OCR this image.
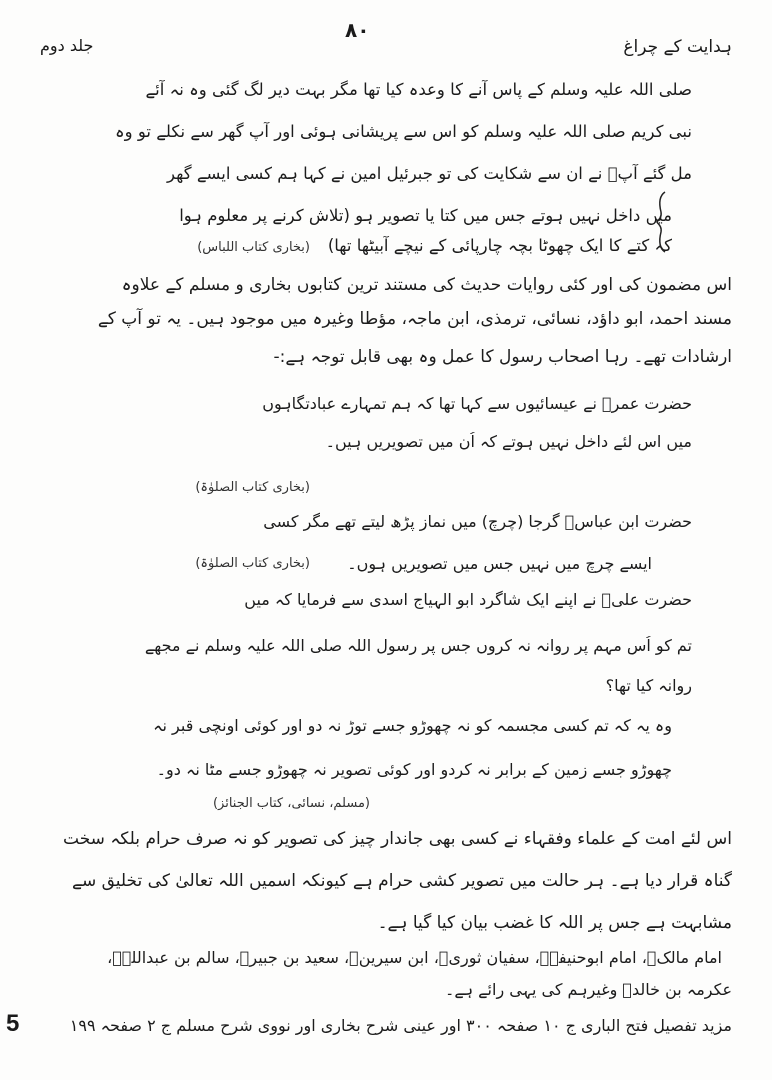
جلد دوم
۸۰
ہدایت کے چراغ
صلی اللہ علیہ وسلم کے پاس آنے کا وعدہ کیا تھا مگر بہت دیر لگ گئی وہ نہ آئے
نبی کریم صلی اللہ علیہ وسلم کو اس سے پریشانی ہوئی اور آپ گھر سے نکلے تو وہ
مل گئے آپؐ نے ان سے شکایت کی تو جبرئیل امین نے کہا ہم کسی ایسے گھر
میں داخل نہیں ہوتے جس میں کتا یا تصویر ہو (تلاش کرنے پر معلوم ہوا
کہ کتے کا ایک چھوٹا بچہ چارپائی کے نیچے آبیٹھا تھا)
(بخاری کتاب اللباس)
اس مضمون کی اور کئی روایات حدیث کی مستند ترین کتابوں بخاری و مسلم کے علاوہ
مسند احمد، ابو داؤد، نسائی، ترمذی، ابن ماجہ، مؤطا وغیرہ میں موجود ہیں۔ یہ تو آپ کے
ارشادات تھے۔ رہا اصحاب رسول کا عمل وہ بھی قابل توجہ ہے:-
حضرت عمرؓ نے عیسائیوں سے کہا تھا کہ ہم تمہارے عبادتگاہوں
میں اس لئے داخل نہیں ہوتے کہ اُن میں تصویریں ہیں۔
(بخاری کتاب الصلوٰۃ)
حضرت ابن عباسؓ گرجا (چرچ) میں نماز پڑھ لیتے تھے مگر کسی
ایسے چرچ میں نہیں جس میں تصویریں ہوں۔
(بخاری کتاب الصلوٰۃ)
حضرت علیؓ نے اپنے ایک شاگرد ابو الہیاج اسدی سے فرمایا کہ میں
تم کو اُس مہم پر روانہ نہ کروں جس پر رسول اللہ صلی اللہ علیہ وسلم نے مجھے
روانہ کیا تھا؟
وہ یہ کہ تم کسی مجسمہ کو نہ چھوڑو جسے توڑ نہ دو اور کوئی اونچی قبر نہ
چھوڑو جسے زمین کے برابر نہ کردو اور کوئی تصویر نہ چھوڑو جسے مٹا نہ دو۔
(مسلم، نسائی، کتاب الجنائز)
اس لئے امت کے علماء وفقہاء نے کسی بھی جاندار چیز کی تصویر کو نہ صرف حرام بلکہ سخت
گناہ قرار دیا ہے۔ ہر حالت میں تصویر کشی حرام ہے کیونکہ اسمیں اللہ تعالیٰ کی تخلیق سے
مشابہت ہے جس پر اللہ کا غضب بیان کیا گیا ہے۔
امام مالکؒ، امام ابوحنیفہؒ، سفیان ثوریؒ، ابن سیرینؒ، سعید بن جبیرؒ، سالم بن عبداللہؒ،
عکرمہ بن خالدؒ وغیرہم کی یہی رائے ہے۔
مزید تفصیل فتح الباری ج ۱۰ صفحہ ۳۰۰ اور عینی شرح بخاری اور نووی شرح مسلم ج ۲ صفحہ ۱۹۹
5
